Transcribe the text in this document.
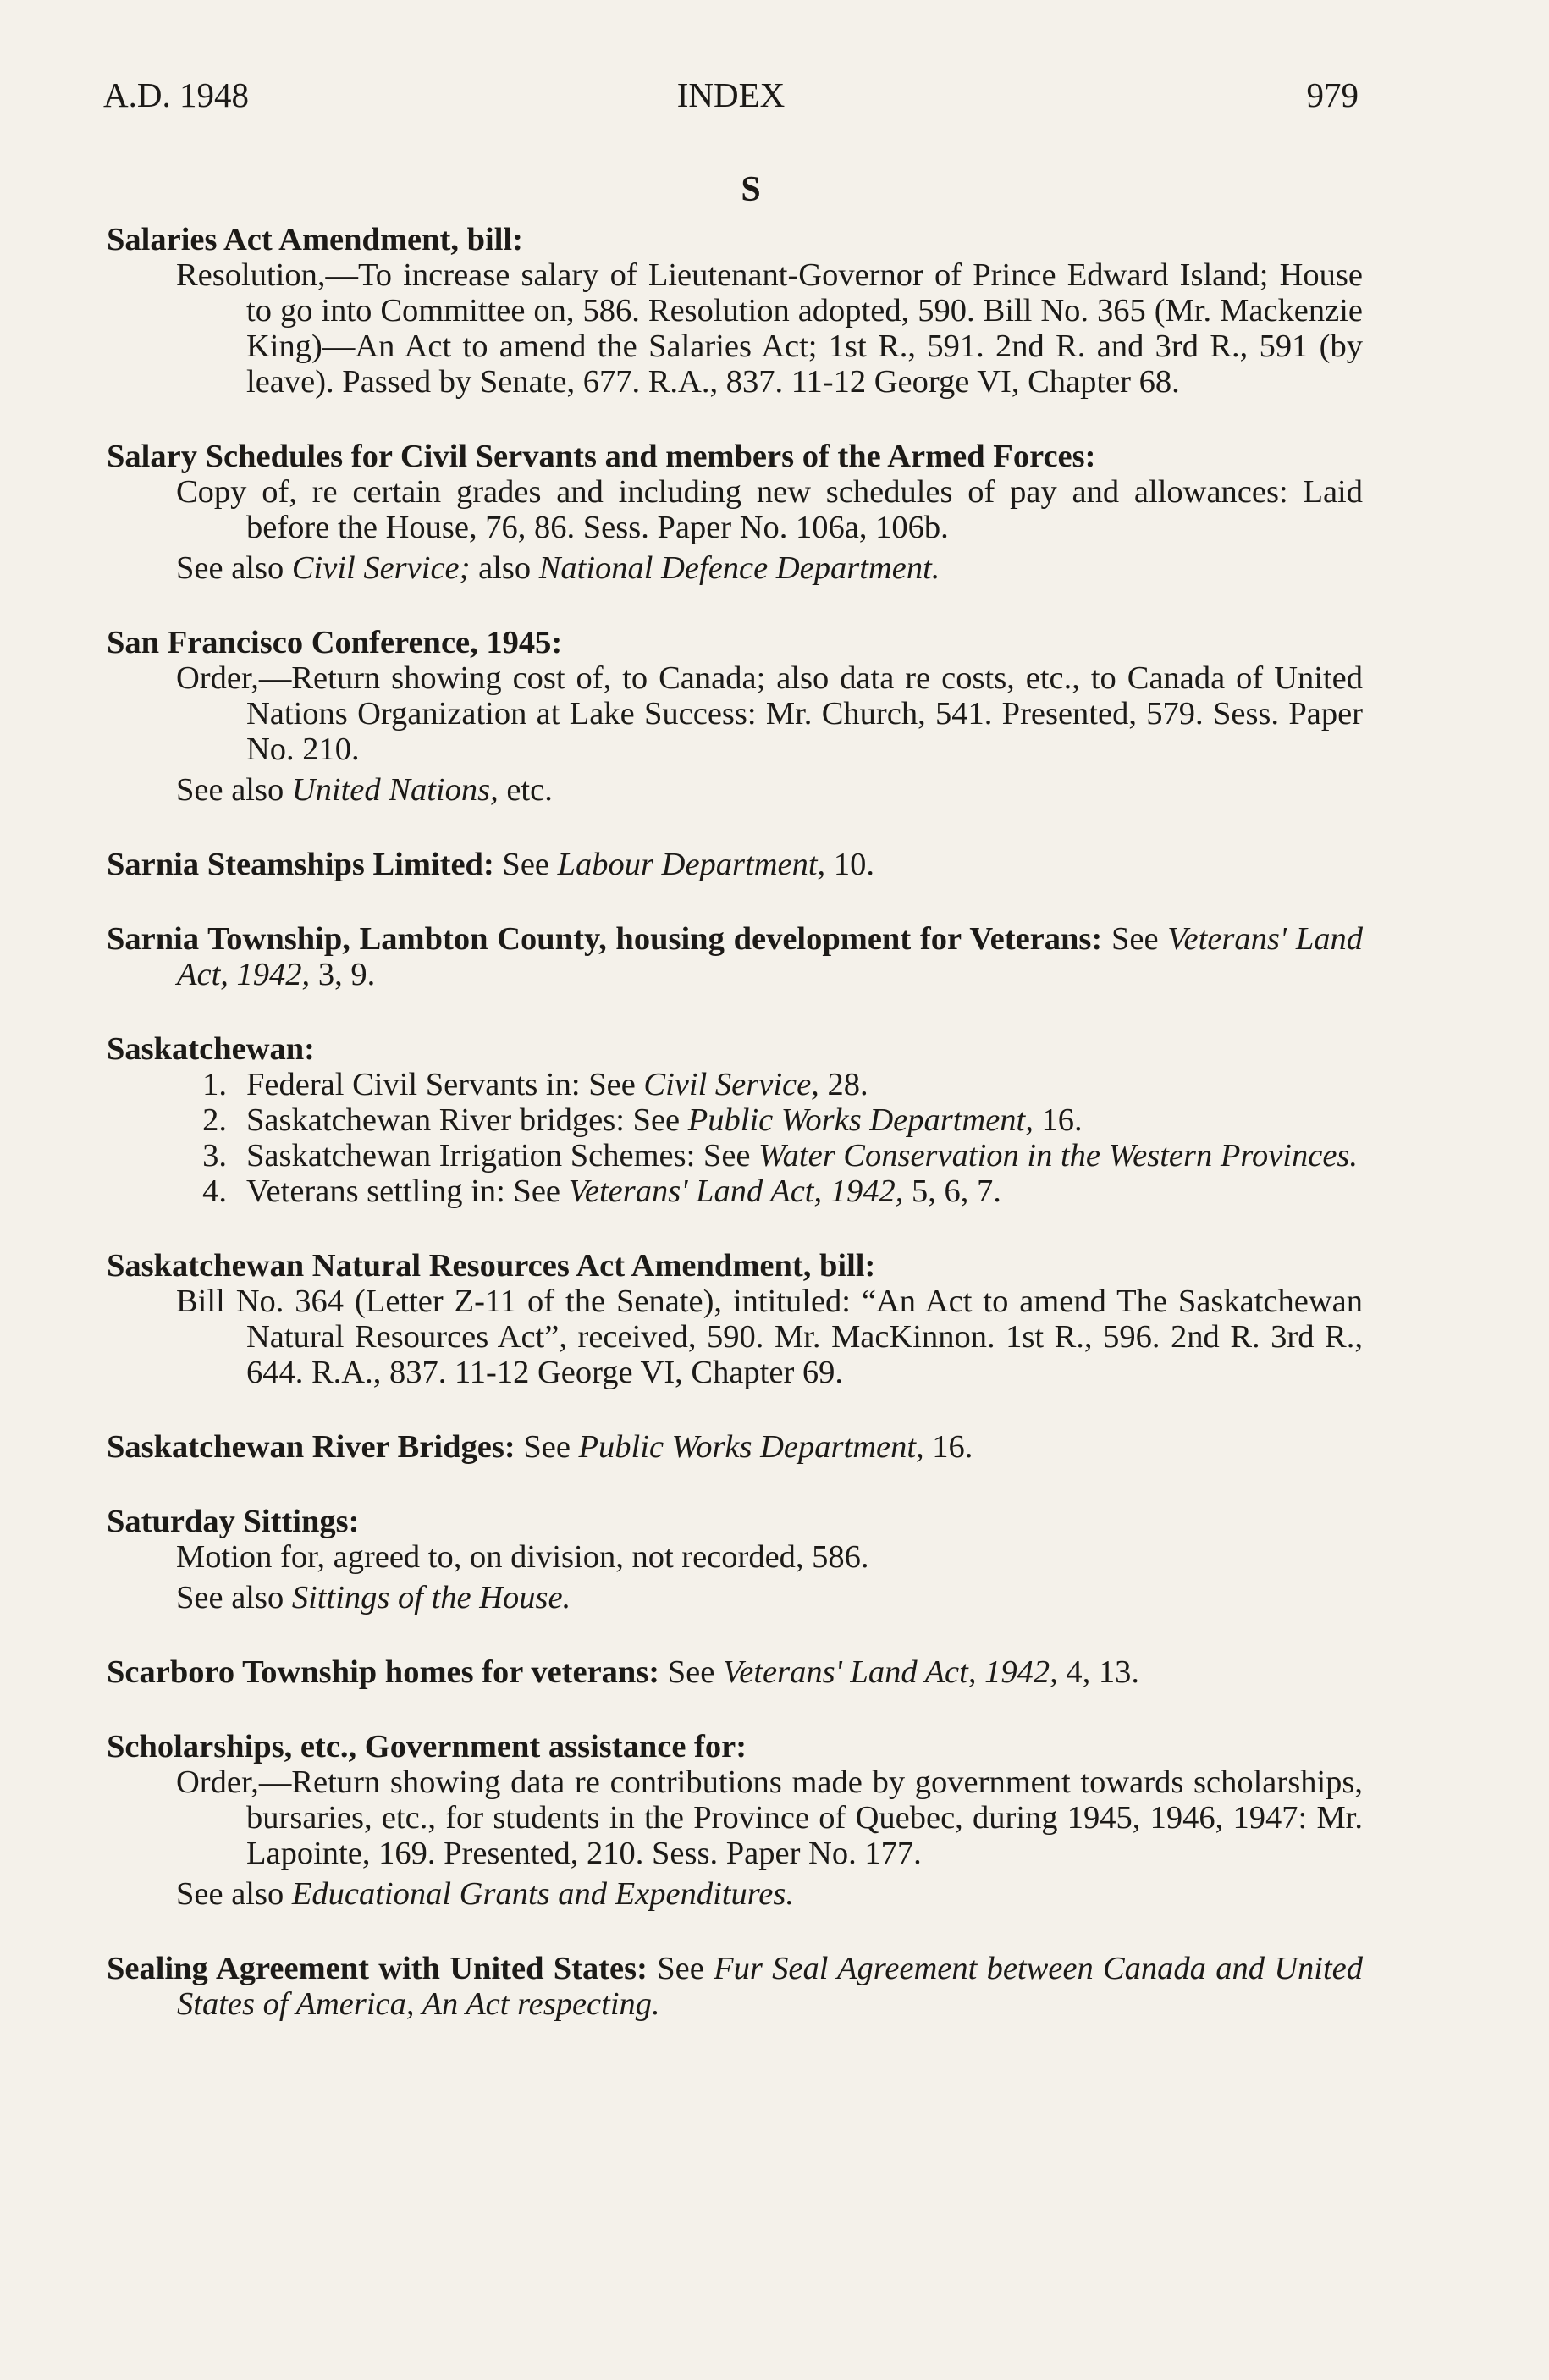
A.D. 1948	INDEX	979
S
Salaries Act Amendment, bill:
Resolution,—To increase salary of Lieutenant-Governor of Prince Edward Island; House to go into Committee on, 586. Resolution adopted, 590. Bill No. 365 (Mr. Mackenzie King)—An Act to amend the Salaries Act; 1st R., 591. 2nd R. and 3rd R., 591 (by leave). Passed by Senate, 677. R.A., 837. 11-12 George VI, Chapter 68.
Salary Schedules for Civil Servants and members of the Armed Forces:
Copy of, re certain grades and including new schedules of pay and allowances: Laid before the House, 76, 86. Sess. Paper No. 106a, 106b.
See also Civil Service; also National Defence Department.
San Francisco Conference, 1945:
Order,—Return showing cost of, to Canada; also data re costs, etc., to Canada of United Nations Organization at Lake Success: Mr. Church, 541. Presented, 579. Sess. Paper No. 210.
See also United Nations, etc.
Sarnia Steamships Limited: See Labour Department, 10.
Sarnia Township, Lambton County, housing development for Veterans: See Veterans' Land Act, 1942, 3, 9.
Saskatchewan:
1. Federal Civil Servants in: See Civil Service, 28.
2. Saskatchewan River bridges: See Public Works Department, 16.
3. Saskatchewan Irrigation Schemes: See Water Conservation in the Western Provinces.
4. Veterans settling in: See Veterans' Land Act, 1942, 5, 6, 7.
Saskatchewan Natural Resources Act Amendment, bill:
Bill No. 364 (Letter Z-11 of the Senate), intituled: “An Act to amend The Saskatchewan Natural Resources Act”, received, 590. Mr. MacKinnon. 1st R., 596. 2nd R. 3rd R., 644. R.A., 837. 11-12 George VI, Chapter 69.
Saskatchewan River Bridges: See Public Works Department, 16.
Saturday Sittings:
Motion for, agreed to, on division, not recorded, 586.
See also Sittings of the House.
Scarboro Township homes for veterans: See Veterans' Land Act, 1942, 4, 13.
Scholarships, etc., Government assistance for:
Order,—Return showing data re contributions made by government towards scholarships, bursaries, etc., for students in the Province of Quebec, during 1945, 1946, 1947: Mr. Lapointe, 169. Presented, 210. Sess. Paper No. 177.
See also Educational Grants and Expenditures.
Sealing Agreement with United States: See Fur Seal Agreement between Canada and United States of America, An Act respecting.
